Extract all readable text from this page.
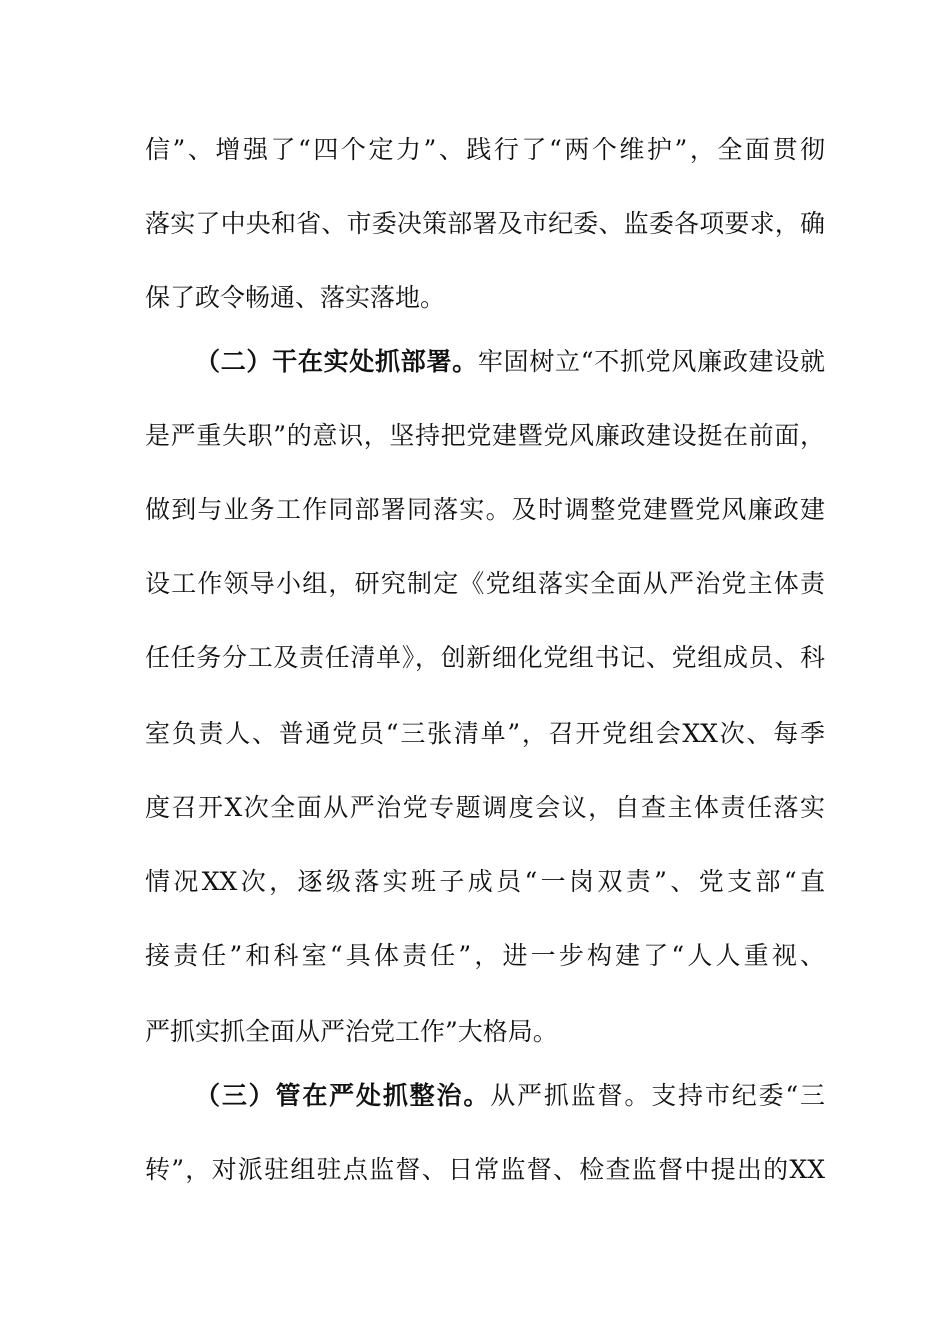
信”、增强了“四个定力”、践行了“两个维护”，全面贯彻
落实了中央和省、市委决策部署及市纪委、监委各项要求，确
保了政令畅通、落实落地。
（二）干在实处抓部署。牢固树立“不抓党风廉政建设就
是严重失职”的意识，坚持把党建暨党风廉政建设挺在前面，
做到与业务工作同部署同落实。及时调整党建暨党风廉政建
设工作领导小组，研究制定《党组落实全面从严治党主体责
任任务分工及责任清单》，创新细化党组书记、党组成员、科
室负责人、普通党员“三张清单”，召开党组会XX次、每季
度召开X次全面从严治党专题调度会议，自查主体责任落实
情况XX次，逐级落实班子成员“一岗双责”、党支部“直
接责任”和科室“具体责任”，进一步构建了“人人重视、
严抓实抓全面从严治党工作”大格局。
（三）管在严处抓整治。从严抓监督。支持市纪委“三
转”，对派驻组驻点监督、日常监督、检查监督中提出的XX
